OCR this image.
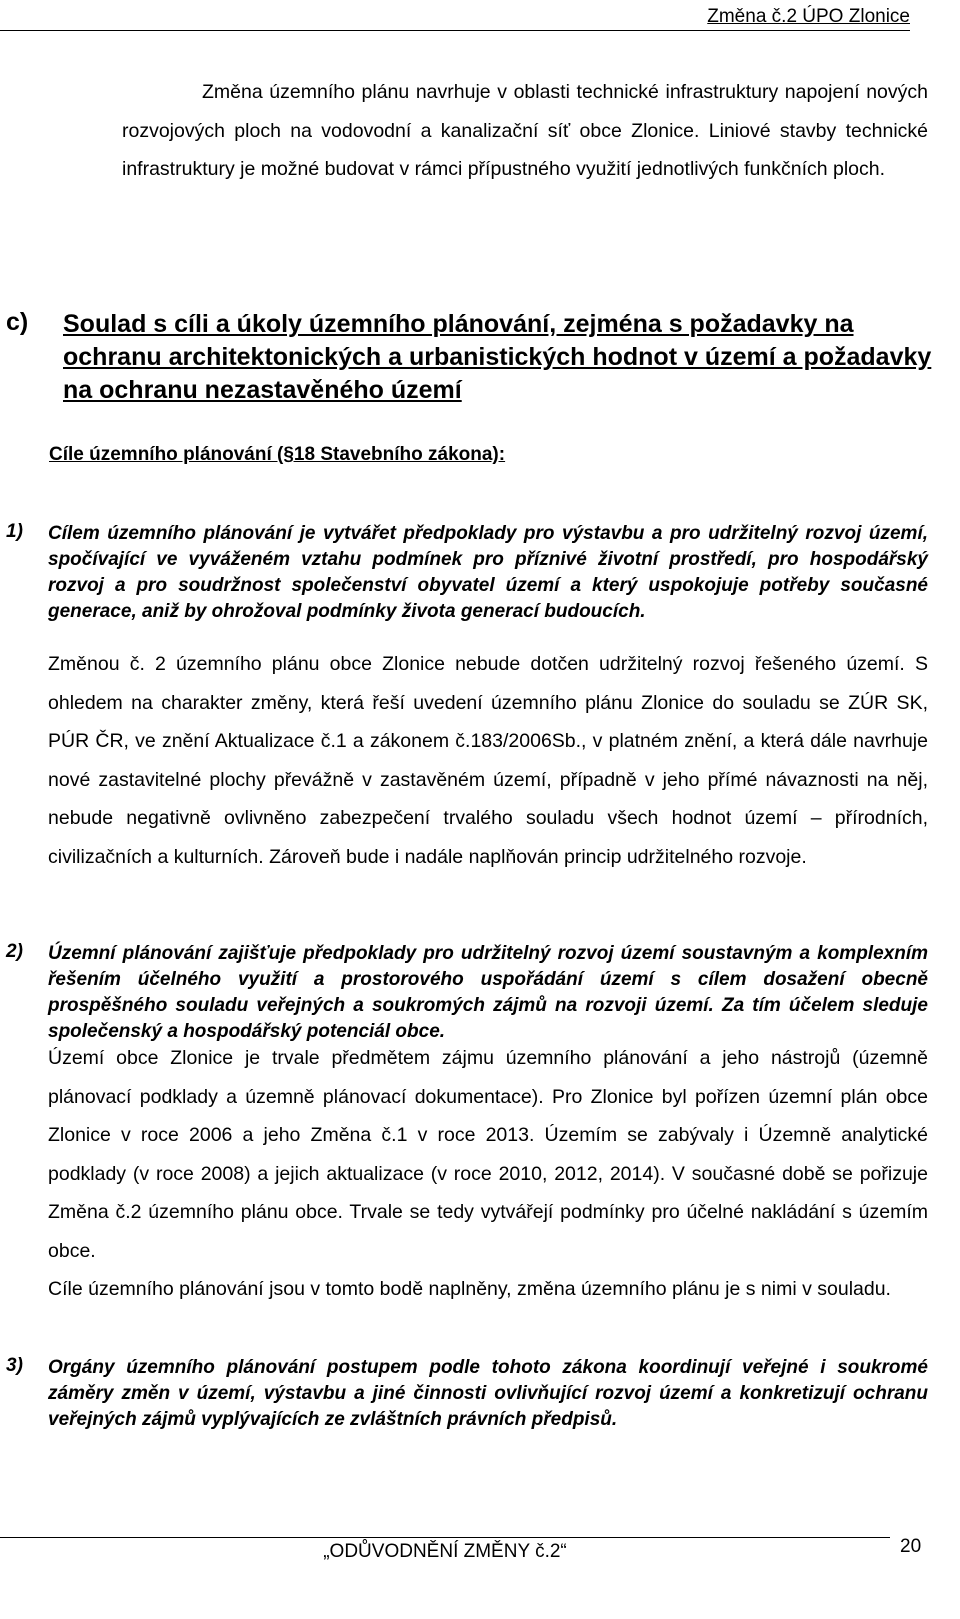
Změna č.2 ÚPO Zlonice

Změna územního plánu navrhuje v oblasti technické infrastruktury napojení nových rozvojových ploch na vodovodní a kanalizační síť obce Zlonice. Liniové stavby technické infrastruktury je možné budovat v rámci přípustného využití jednotlivých funkčních ploch.

c) Soulad s cíli a úkoly územního plánování, zejména s požadavky na ochranu architektonických a urbanistických hodnot v území a požadavky na ochranu nezastavěného území
Cíle územního plánování (§18 Stavebního zákona):
1) Cílem územního plánování je vytvářet předpoklady pro výstavbu a pro udržitelný rozvoj území, spočívající ve vyváženém vztahu podmínek pro příznivé životní prostředí, pro hospodářský rozvoj a pro soudržnost společenství obyvatel území a který uspokojuje potřeby současné generace, aniž by ohrožoval podmínky života generací budoucích.

Změnou č. 2 územního plánu obce Zlonice nebude dotčen udržitelný rozvoj řešeného území. S ohledem na charakter změny, která řeší uvedení územního plánu Zlonice do souladu se ZÚR SK, PÚR ČR, ve znění Aktualizace č.1 a zákonem č.183/2006Sb., v platném znění, a která dále navrhuje nové zastavitelné plochy převážně v zastavěném území, případně v jeho přímé návaznosti na něj, nebude negativně ovlivněno zabezpečení trvalého souladu všech hodnot území – přírodních, civilizačních a kulturních. Zároveň bude i nadále naplňován princip udržitelného rozvoje.

2) Územní plánování zajišťuje předpoklady pro udržitelný rozvoj území soustavným a komplexním řešením účelného využití a prostorového uspořádání území s cílem dosažení obecně prospěšného souladu veřejných a soukromých zájmů na rozvoji území. Za tím účelem sleduje společenský a hospodářský potenciál obce.

Území obce Zlonice je trvale předmětem zájmu územního plánování a jeho nástrojů (územně plánovací podklady a územně plánovací dokumentace). Pro Zlonice byl pořízen územní plán obce Zlonice v roce 2006 a jeho Změna č.1 v roce 2013. Územím se zabývaly i Územně analytické podklady (v roce 2008) a jejich aktualizace (v roce 2010, 2012, 2014). V současné době se pořizuje Změna č.2 územního plánu obce. Trvale se tedy vytvářejí podmínky pro účelné nakládání s územím obce.

Cíle územního plánování jsou v tomto bodě naplněny, změna územního plánu je s nimi v souladu.

3) Orgány územního plánování postupem podle tohoto zákona koordinují veřejné i soukromé záměry změn v území, výstavbu a jiné činnosti ovlivňující rozvoj území a konkretizují ochranu veřejných zájmů vyplývajících ze zvláštních právních předpisů.

„ODŮVODNĚNÍ ZMĚNY č.2“	20
